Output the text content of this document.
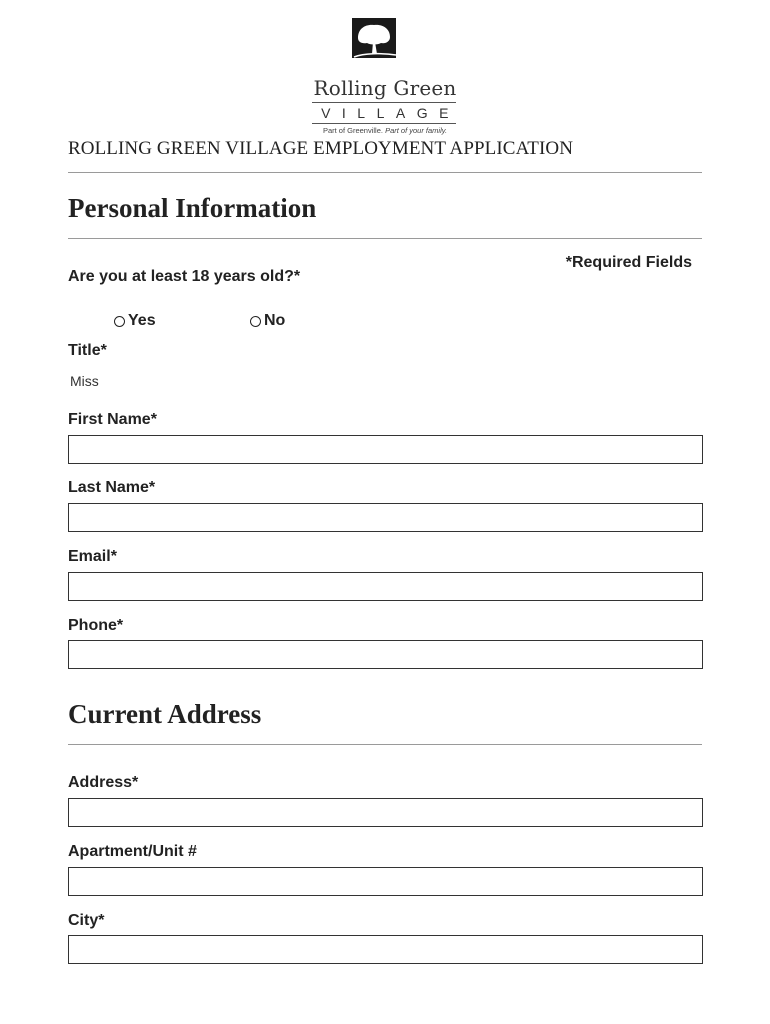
Rolling Green
VILLAGE
Part of Greenville. Part of your family.
ROLLING GREEN VILLAGE EMPLOYMENT APPLICATION
Personal Information
*Required Fields
Are you at least 18 years old?*
Yes	No
Title*
Miss
First Name*
Last Name*
Email*
Phone*
Current Address
Address*
Apartment/Unit #
City*
